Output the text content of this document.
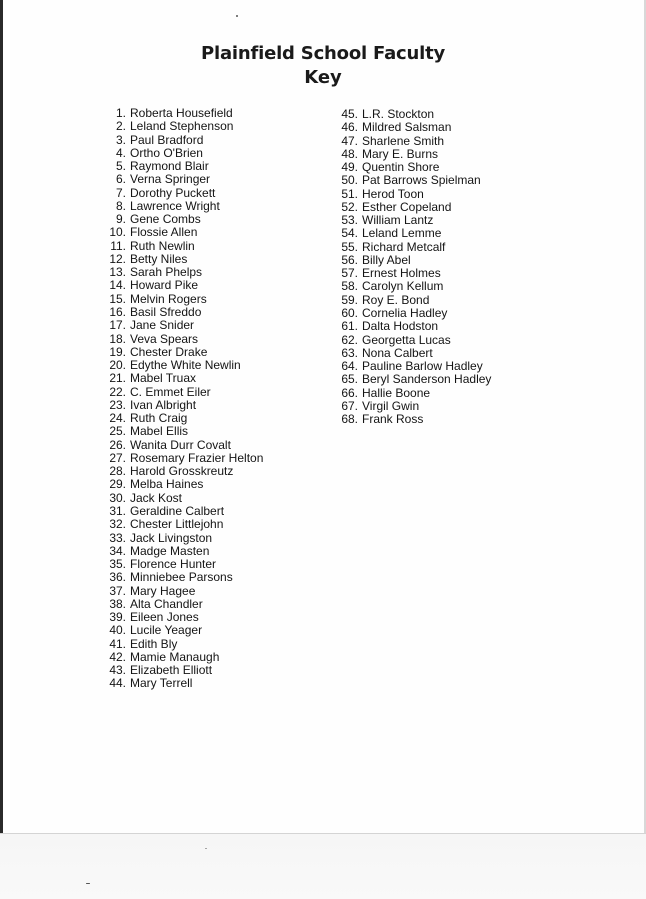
Plainfield School Faculty
Key
1. Roberta Housefield
2. Leland Stephenson
3. Paul Bradford
4. Ortho O'Brien
5. Raymond Blair
6. Verna Springer
7. Dorothy Puckett
8. Lawrence Wright
9. Gene Combs
10. Flossie Allen
11. Ruth Newlin
12. Betty Niles
13. Sarah Phelps
14. Howard Pike
15. Melvin Rogers
16. Basil Sfreddo
17. Jane Snider
18. Veva Spears
19. Chester Drake
20. Edythe White Newlin
21. Mabel Truax
22. C. Emmet Eiler
23. Ivan Albright
24. Ruth Craig
25. Mabel Ellis
26. Wanita Durr Covalt
27. Rosemary Frazier Helton
28. Harold Grosskreutz
29. Melba Haines
30. Jack Kost
31. Geraldine Calbert
32. Chester Littlejohn
33. Jack Livingston
34. Madge Masten
35. Florence Hunter
36. Minniebee Parsons
37. Mary Hagee
38. Alta Chandler
39. Eileen Jones
40. Lucile Yeager
41. Edith Bly
42. Mamie Manaugh
43. Elizabeth Elliott
44. Mary Terrell
45. L.R. Stockton
46. Mildred Salsman
47. Sharlene Smith
48. Mary E. Burns
49. Quentin Shore
50. Pat Barrows Spielman
51. Herod Toon
52. Esther Copeland
53. William Lantz
54. Leland Lemme
55. Richard Metcalf
56. Billy Abel
57. Ernest Holmes
58. Carolyn Kellum
59. Roy E. Bond
60. Cornelia Hadley
61. Dalta Hodston
62. Georgetta Lucas
63. Nona Calbert
64. Pauline Barlow Hadley
65. Beryl Sanderson Hadley
66. Hallie Boone
67. Virgil Gwin
68. Frank Ross
